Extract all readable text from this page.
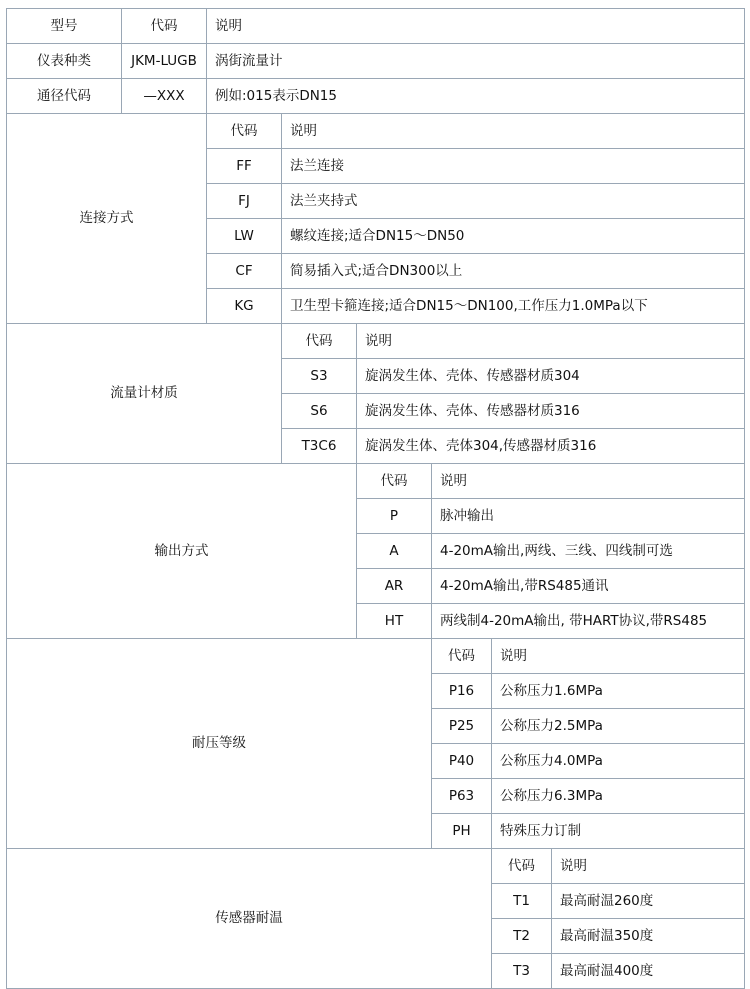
型号	代码	说明					
仪表种类	JKM-LUGB	涡街流量计					
通径代码	—XXX	例如:015表示DN15					
连接方式		代码	说明				
		FF	法兰连接				
		FJ	法兰夹持式				
		LW	螺纹连接;适合DN15～DN50				
		CF	简易插入式;适合DN300以上				
		KG	卫生型卡箍连接;适合DN15～DN100,工作压力1.0MPa以下				
流量计材质			代码	说明			
			S3	旋涡发生体、壳体、传感器材质304			
			S6	旋涡发生体、壳体、传感器材质316			
			T3C6	旋涡发生体、壳体304,传感器材质316			
输出方式				代码	说明		
				P	脉冲输出		
				A	4-20mA输出,两线、三线、四线制可选		
				AR	4-20mA输出,带RS485通讯		
				HT	两线制4-20mA输出, 带HART协议,带RS485		
耐压等级					代码	说明	
					P16	公称压力1.6MPa	
					P25	公称压力2.5MPa	
					P40	公称压力4.0MPa	
					P63	公称压力6.3MPa	
					PH	特殊压力订制	
传感器耐温						代码	说明
						T1	最高耐温260度
						T2	最高耐温350度
						T3	最高耐温400度
